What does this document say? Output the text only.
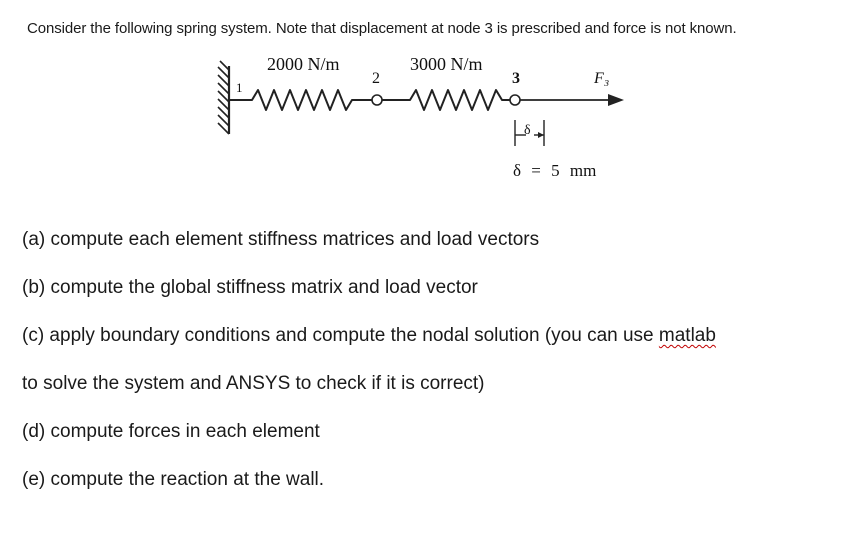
Consider the following spring system. Note that displacement at node 3 is prescribed and force is not known.
2000 N/m	3000 N/m
1
2	3	F₃
δ
δ = 5 mm
(a) compute each element stiffness matrices and load vectors
(b) compute the global stiffness matrix and load vector
(c) apply boundary conditions and compute the nodal solution (you can use matlab
to solve the system and ANSYS to check if it is correct)
(d) compute forces in each element
(e) compute the reaction at the wall.
